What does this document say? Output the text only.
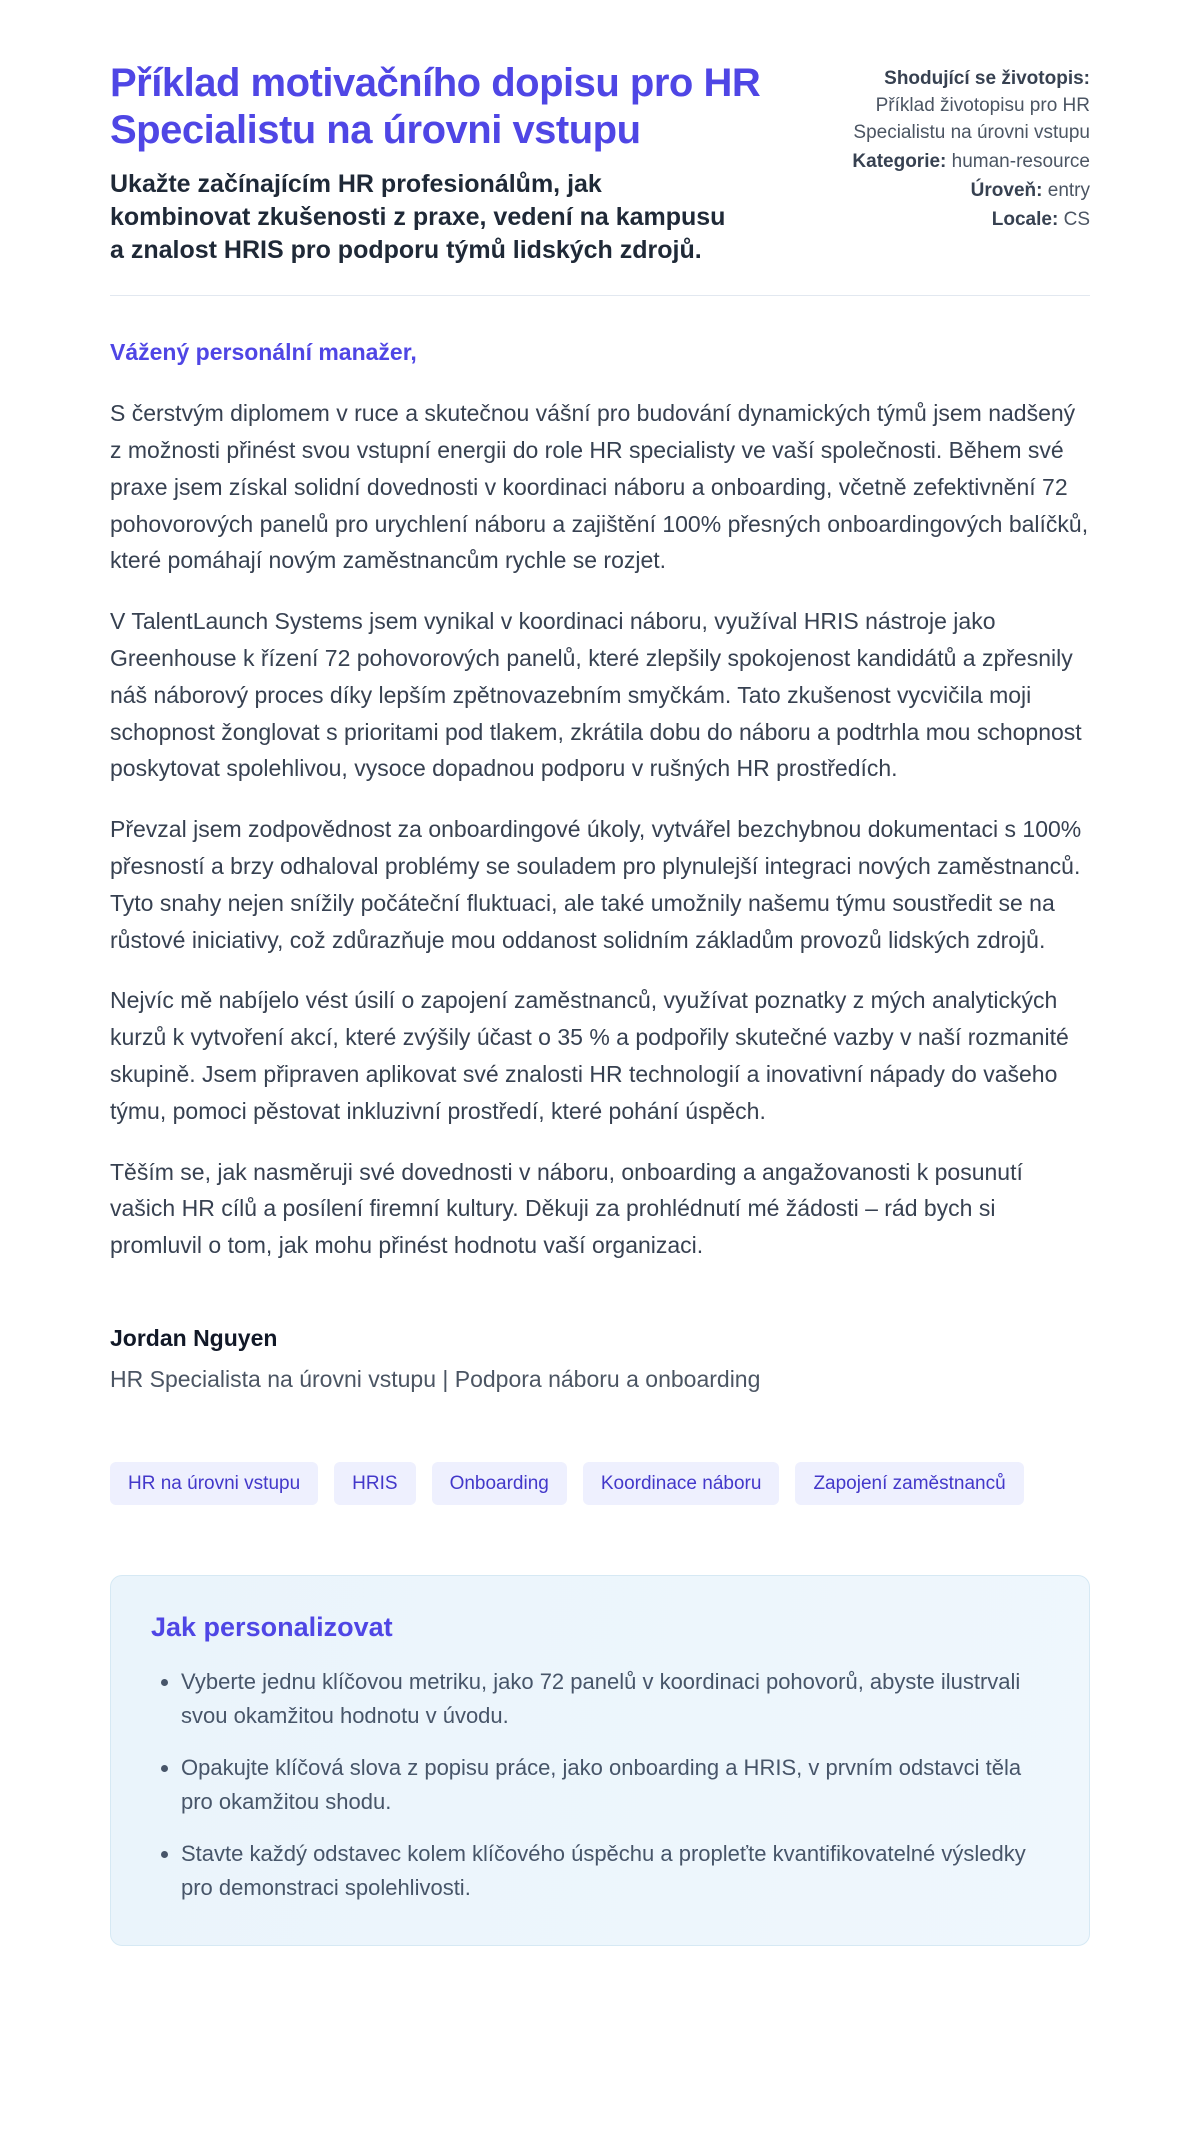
Příklad motivačního dopisu pro HR Specialistu na úrovni vstupu

Ukažte začínajícím HR profesionálům, jak kombinovat zkušenosti z praxe, vedení na kampusu a znalost HRIS pro podporu týmů lidských zdrojů.

Shodující se životopis:
Příklad životopisu pro HR Specialistu na úrovni vstupu
Kategorie: human-resource
Úroveň: entry
Locale: CS

Vážený personální manažer,

S čerstvým diplomem v ruce a skutečnou vášní pro budování dynamických týmů jsem nadšený z možnosti přinést svou vstupní energii do role HR specialisty ve vaší společnosti. Během své praxe jsem získal solidní dovednosti v koordinaci náboru a onboarding, včetně zefektivnění 72 pohovorových panelů pro urychlení náboru a zajištění 100% přesných onboardingových balíčků, které pomáhají novým zaměstnancům rychle se rozjet.

V TalentLaunch Systems jsem vynikal v koordinaci náboru, využíval HRIS nástroje jako Greenhouse k řízení 72 pohovorových panelů, které zlepšily spokojenost kandidátů a zpřesnily náš náborový proces díky lepším zpětnovazebním smyčkám. Tato zkušenost vycvičila moji schopnost žonglovat s prioritami pod tlakem, zkrátila dobu do náboru a podtrhla mou schopnost poskytovat spolehlivou, vysoce dopadnou podporu v rušných HR prostředích.

Převzal jsem zodpovědnost za onboardingové úkoly, vytvářel bezchybnou dokumentaci s 100% přesností a brzy odhaloval problémy se souladem pro plynulejší integraci nových zaměstnanců. Tyto snahy nejen snížily počáteční fluktuaci, ale také umožnily našemu týmu soustředit se na růstové iniciativy, což zdůrazňuje mou oddanost solidním základům provozů lidských zdrojů.

Nejvíc mě nabíjelo vést úsilí o zapojení zaměstnanců, využívat poznatky z mých analytických kurzů k vytvoření akcí, které zvýšily účast o 35 % a podpořily skutečné vazby v naší rozmanité skupině. Jsem připraven aplikovat své znalosti HR technologií a inovativní nápady do vašeho týmu, pomoci pěstovat inkluzivní prostředí, které pohání úspěch.

Těším se, jak nasměruji své dovednosti v náboru, onboarding a angažovanosti k posunutí vašich HR cílů a posílení firemní kultury. Děkuji za prohlédnutí mé žádosti – rád bych si promluvil o tom, jak mohu přinést hodnotu vaší organizaci.

Jordan Nguyen

HR Specialista na úrovni vstupu | Podpora náboru a onboarding

HR na úrovni vstupu	HRIS	Onboarding	Koordinace náboru	Zapojení zaměstnanců
Jak personalizovat
• Vyberte jednu klíčovou metriku, jako 72 panelů v koordinaci pohovorů, abyste ilustrvali svou okamžitou hodnotu v úvodu.
• Opakujte klíčová slova z popisu práce, jako onboarding a HRIS, v prvním odstavci těla pro okamžitou shodu.
• Stavte každý odstavec kolem klíčového úspěchu a propleťte kvantifikovatelné výsledky pro demonstraci spolehlivosti.
